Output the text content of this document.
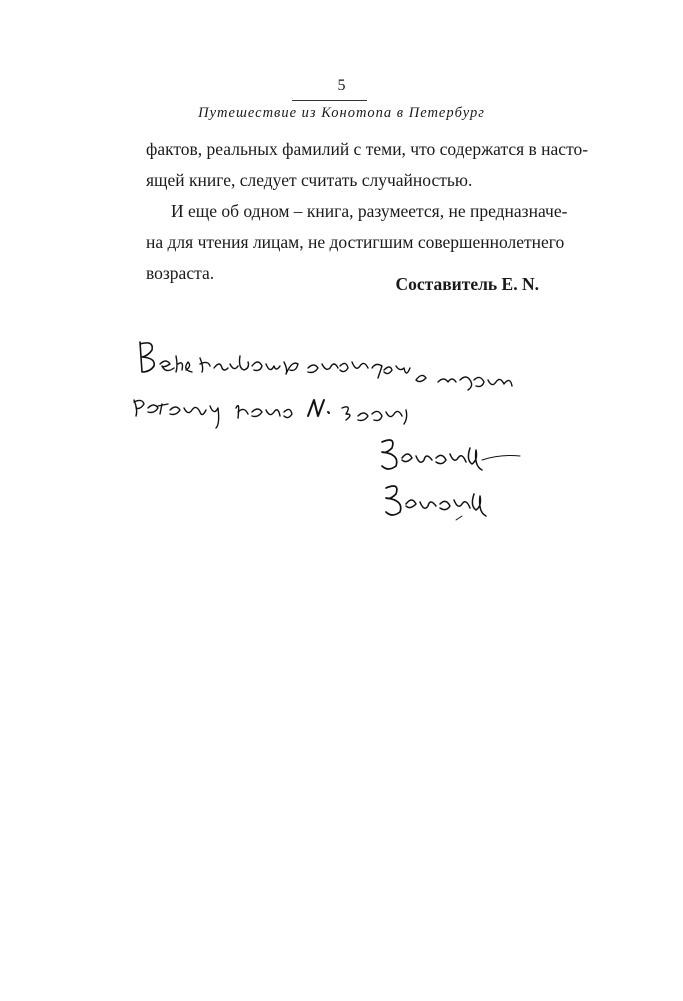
5
Путешествие из Конотопа в Петербург

фактов, реальных фамилий с теми, что содержатся в насто-
ящей книге, следует считать случайностью.

И еще об одном – книга, разумеется, не предназначе-
на для чтения лицам, не достигшим совершеннолетнего
возраста.

Составитель E. N.
